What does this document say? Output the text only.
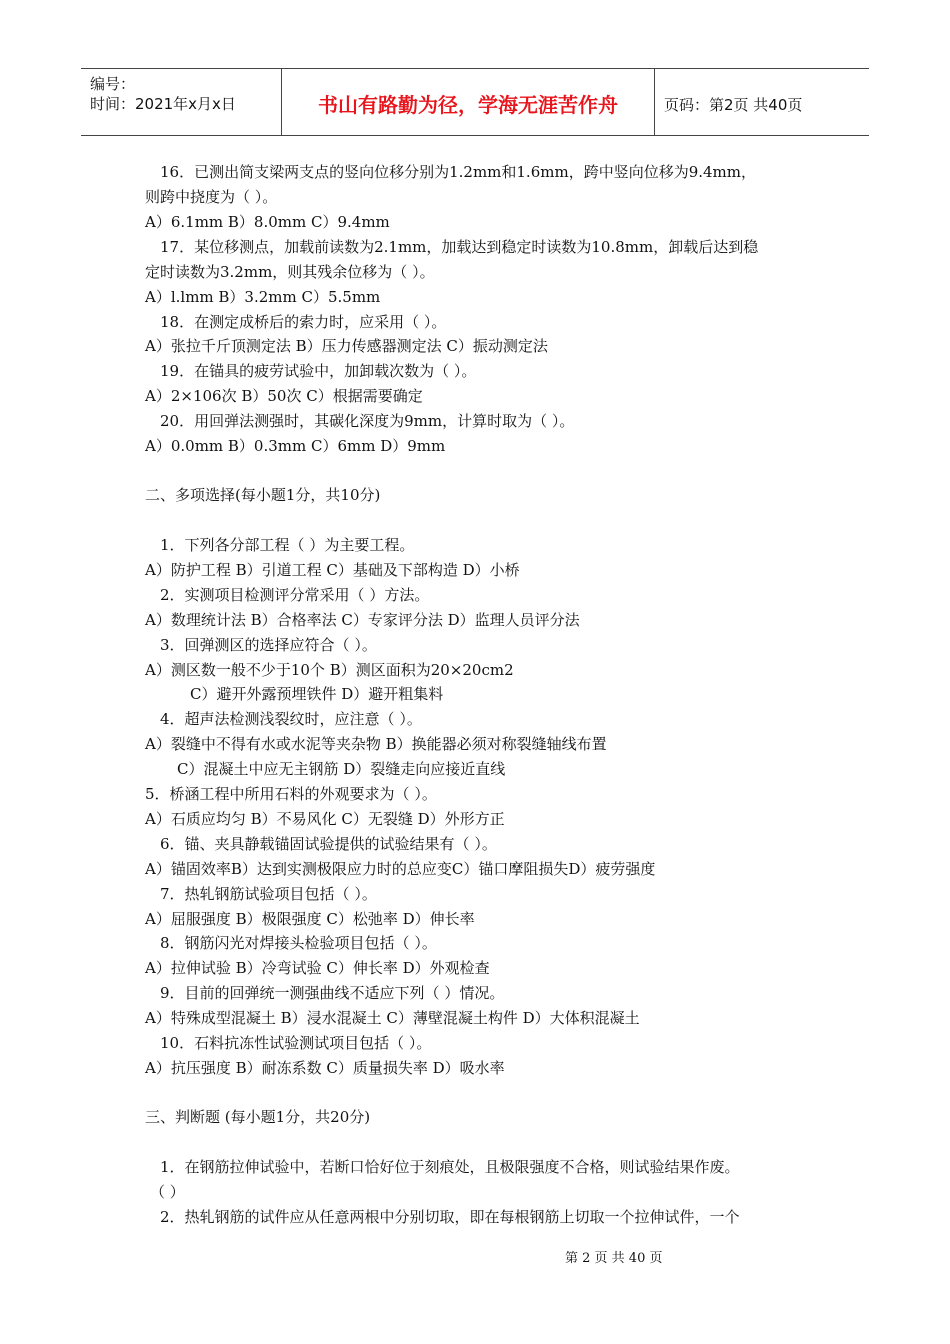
编号：
时间：2021年x月x日	书山有路勤为径，学海无涯苦作舟	页码：第2页 共40页
16．已测出简支梁两支点的竖向位移分别为1.2mm和1.6mm，跨中竖向位移为9.4mm，
则跨中挠度为（ ）。
A）6.1mm B）8.0mm C）9.4mm
17．某位移测点，加载前读数为2.1mm，加载达到稳定时读数为10.8mm，卸载后达到稳
定时读数为3.2mm，则其残余位移为（ ）。
A）l.lmm B）3.2mm C）5.5mm
18．在测定成桥后的索力时，应采用（ ）。
A）张拉千斤顶测定法 B）压力传感器测定法 C）振动测定法
19．在锚具的疲劳试验中，加卸载次数为（ ）。
A）2×106次 B）50次 C）根据需要确定
20．用回弹法测强时，其碳化深度为9mm，计算时取为（ ）。
A）0.0mm B）0.3mm C）6mm D）9mm
二、多项选择(每小题1分，共10分)
1．下列各分部工程（ ）为主要工程。
A）防护工程 B）引道工程 C）基础及下部构造 D）小桥
2．实测项目检测评分常采用（ ）方法。
A）数理统计法 B）合格率法 C）专家评分法 D）监理人员评分法
3．回弹测区的选择应符合（ ）。
A）测区数一般不少于10个 B）测区面积为20×20cm2
C）避开外露预埋铁件 D）避开粗集料
4．超声法检测浅裂纹时，应注意（ ）。
A）裂缝中不得有水或水泥等夹杂物 B）换能器必须对称裂缝轴线布置
C）混凝土中应无主钢筋 D）裂缝走向应接近直线
5．桥涵工程中所用石料的外观要求为（ ）。
A）石质应均匀 B）不易风化 C）无裂缝 D）外形方正
6．锚、夹具静载锚固试验提供的试验结果有（ ）。
A）锚固效率B）达到实测极限应力时的总应变C）锚口摩阻损失D）疲劳强度
7．热轧钢筋试验项目包括（ ）。
A）屈服强度 B）极限强度 C）松弛率 D）伸长率
8．钢筋闪光对焊接头检验项目包括（ ）。
A）拉伸试验 B）冷弯试验 C）伸长率 D）外观检查
9．目前的回弹统一测强曲线不适应下列（ ）情况。
A）特殊成型混凝土 B）浸水混凝土 C）薄壁混凝土构件 D）大体积混凝土
10．石料抗冻性试验测试项目包括（ ）。
A）抗压强度 B）耐冻系数 C）质量损失率 D）吸水率
三、判断题 (每小题1分，共20分)
1．在钢筋拉伸试验中，若断口恰好位于刻痕处，且极限强度不合格，则试验结果作废。
（ ）
2．热轧钢筋的试件应从任意两根中分别切取，即在每根钢筋上切取一个拉伸试件，一个
第 2 页 共 40 页
